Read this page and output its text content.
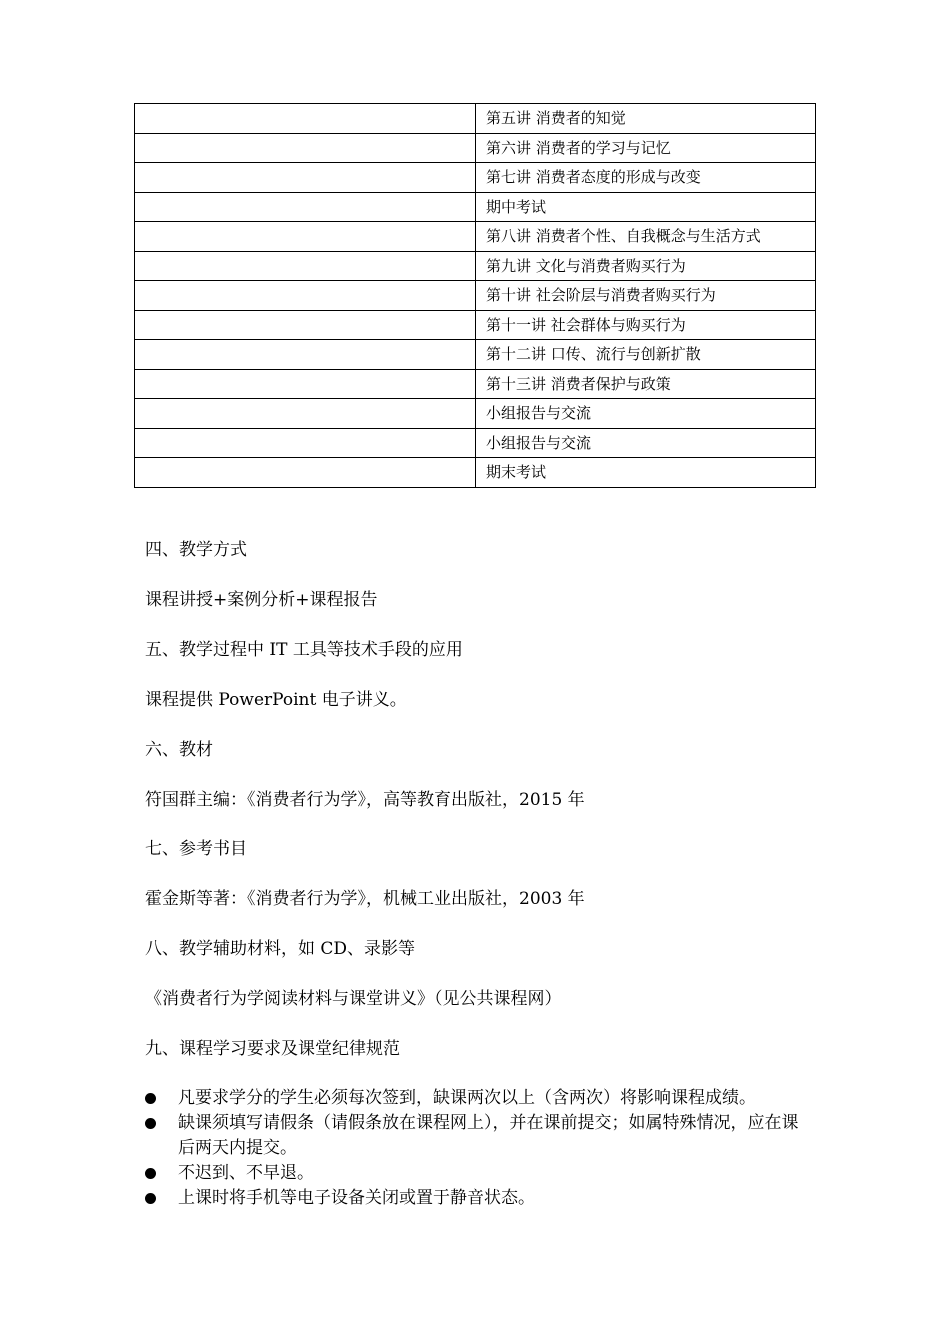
	第五讲 消费者的知觉
	第六讲 消费者的学习与记忆
	第七讲 消费者态度的形成与改变
	期中考试
	第八讲 消费者个性、自我概念与生活方式
	第九讲 文化与消费者购买行为
	第十讲 社会阶层与消费者购买行为
	第十一讲 社会群体与购买行为
	第十二讲 口传、流行与创新扩散
	第十三讲 消费者保护与政策
	小组报告与交流
	小组报告与交流
	期末考试
四、教学方式
课程讲授+案例分析+课程报告
五、教学过程中 IT 工具等技术手段的应用
课程提供 PowerPoint 电子讲义。
六、教材
符国群主编：《消费者行为学》，高等教育出版社，2015 年
七、参考书目
霍金斯等著：《消费者行为学》，机械工业出版社，2003 年
八、教学辅助材料，如 CD、录影等
《消费者行为学阅读材料与课堂讲义》（见公共课程网）
九、课程学习要求及课堂纪律规范
凡要求学分的学生必须每次签到，缺课两次以上（含两次）将影响课程成绩。
缺课须填写请假条（请假条放在课程网上），并在课前提交；如属特殊情况，应在课后两天内提交。
不迟到、不早退。
上课时将手机等电子设备关闭或置于静音状态。
